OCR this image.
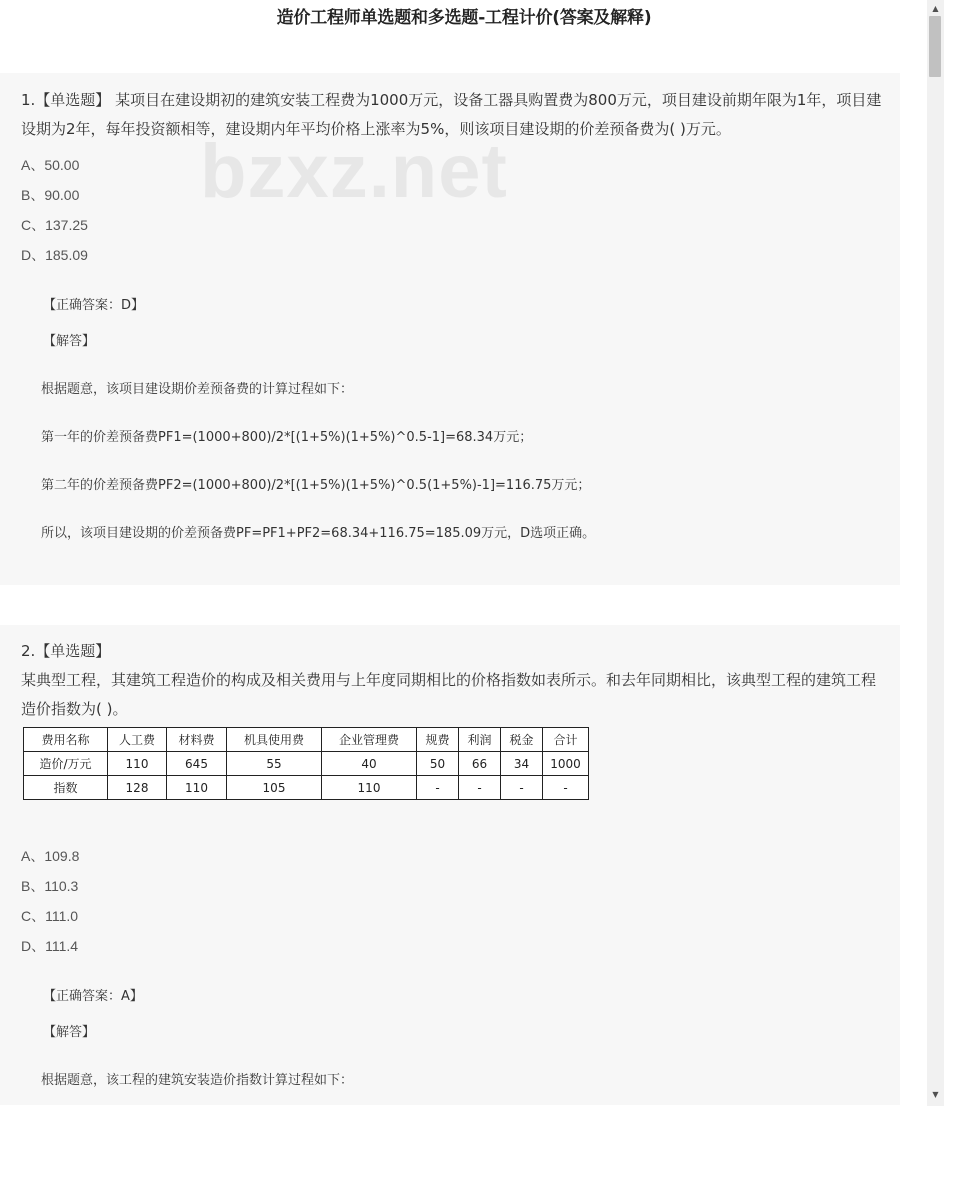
造价工程师单选题和多选题-工程计价(答案及解释)
1.【单选题】 某项目在建设期初的建筑安装工程费为1000万元，设备工器具购置费为800万元，项目建设前期年限为1年，项目建设期为2年，每年投资额相等，建设期内年平均价格上涨率为5%，则该项目建设期的价差预备费为( )万元。
A、50.00
B、90.00
C、137.25
D、185.09
【正确答案：D】
【解答】
根据题意，该项目建设期价差预备费的计算过程如下：
第一年的价差预备费PF1=(1000+800)/2*[(1+5%)(1+5%)^0.5-1]=68.34万元；
第二年的价差预备费PF2=(1000+800)/2*[(1+5%)(1+5%)^0.5(1+5%)-1]=116.75万元；
所以，该项目建设期的价差预备费PF=PF1+PF2=68.34+116.75=185.09万元，D选项正确。
bzxz.net
2.【单选题】
某典型工程，其建筑工程造价的构成及相关费用与上年度同期相比的价格指数如表所示。和去年同期相比，该典型工程的建筑工程造价指数为( )。
费用名称	人工费	材料费	机具使用费	企业管理费	规费	利润	税金	合计
造价/万元	110	645	55	40	50	66	34	1000
指数	128	110	105	110	-	-	-	-
A、109.8
B、110.3
C、111.0
D、111.4
【正确答案：A】
【解答】
根据题意，该工程的建筑安装造价指数计算过程如下：
▲
▼
